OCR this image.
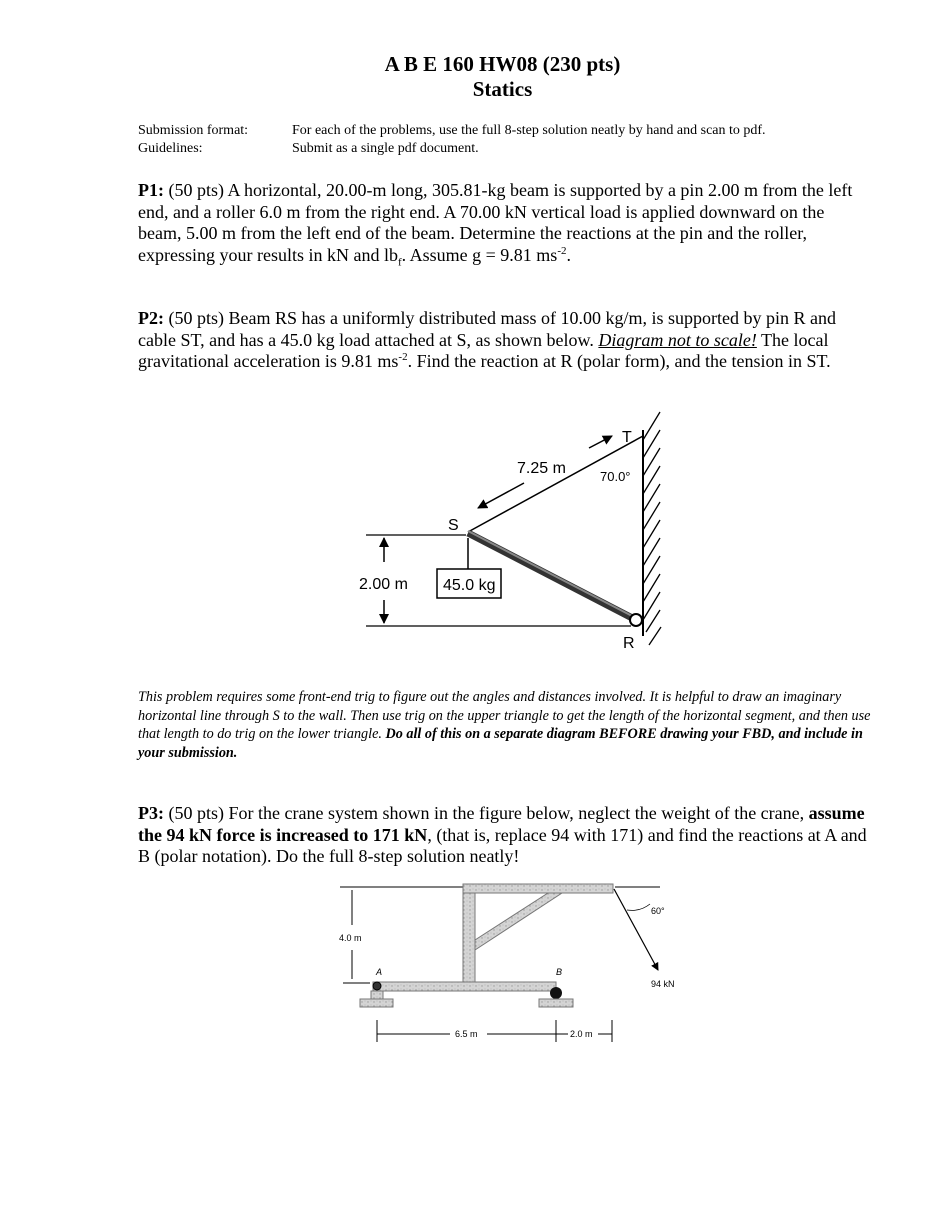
A B E 160 HW08 (230 pts)
Statics
Submission format:	For each of the problems, use the full 8-step solution neatly by hand and scan to pdf.
Guidelines:	Submit as a single pdf document.
P1: (50 pts) A horizontal, 20.00-m long, 305.81-kg beam is supported by a pin 2.00 m from the left end, and a roller 6.0 m from the right end. A 70.00 kN vertical load is applied downward on the beam, 5.00 m from the left end of the beam. Determine the reactions at the pin and the roller, expressing your results in kN and $lb_f$. Assume g = 9.81 $ms^{-2}$.
P2: (50 pts) Beam RS has a uniformly distributed mass of 10.00 kg/m, is supported by pin R and cable ST, and has a 45.0 kg load attached at S, as shown below. Diagram not to scale! The local gravitational acceleration is 9.81 $ms^{-2}$. Find the reaction at R (polar form), and the tension in ST.
T
7.25 m	70.0°
S
45.0 kg
2.00 m
R
This problem requires some front-end trig to figure out the angles and distances involved. It is helpful to draw an imaginary horizontal line through S to the wall. Then use trig on the upper triangle to get the length of the horizontal segment, and then use that length to do trig on the lower triangle. Do all of this on a separate diagram BEFORE drawing your FBD, and include in your submission.
P3: (50 pts) For the crane system shown in the figure below, neglect the weight of the crane, assume the 94 kN force is increased to 171 kN, (that is, replace 94 with 171) and find the reactions at A and B (polar notation). Do the full 8-step solution neatly!
4.0 m
A	B
60°
94 kN
6.5 m	2.0 m
